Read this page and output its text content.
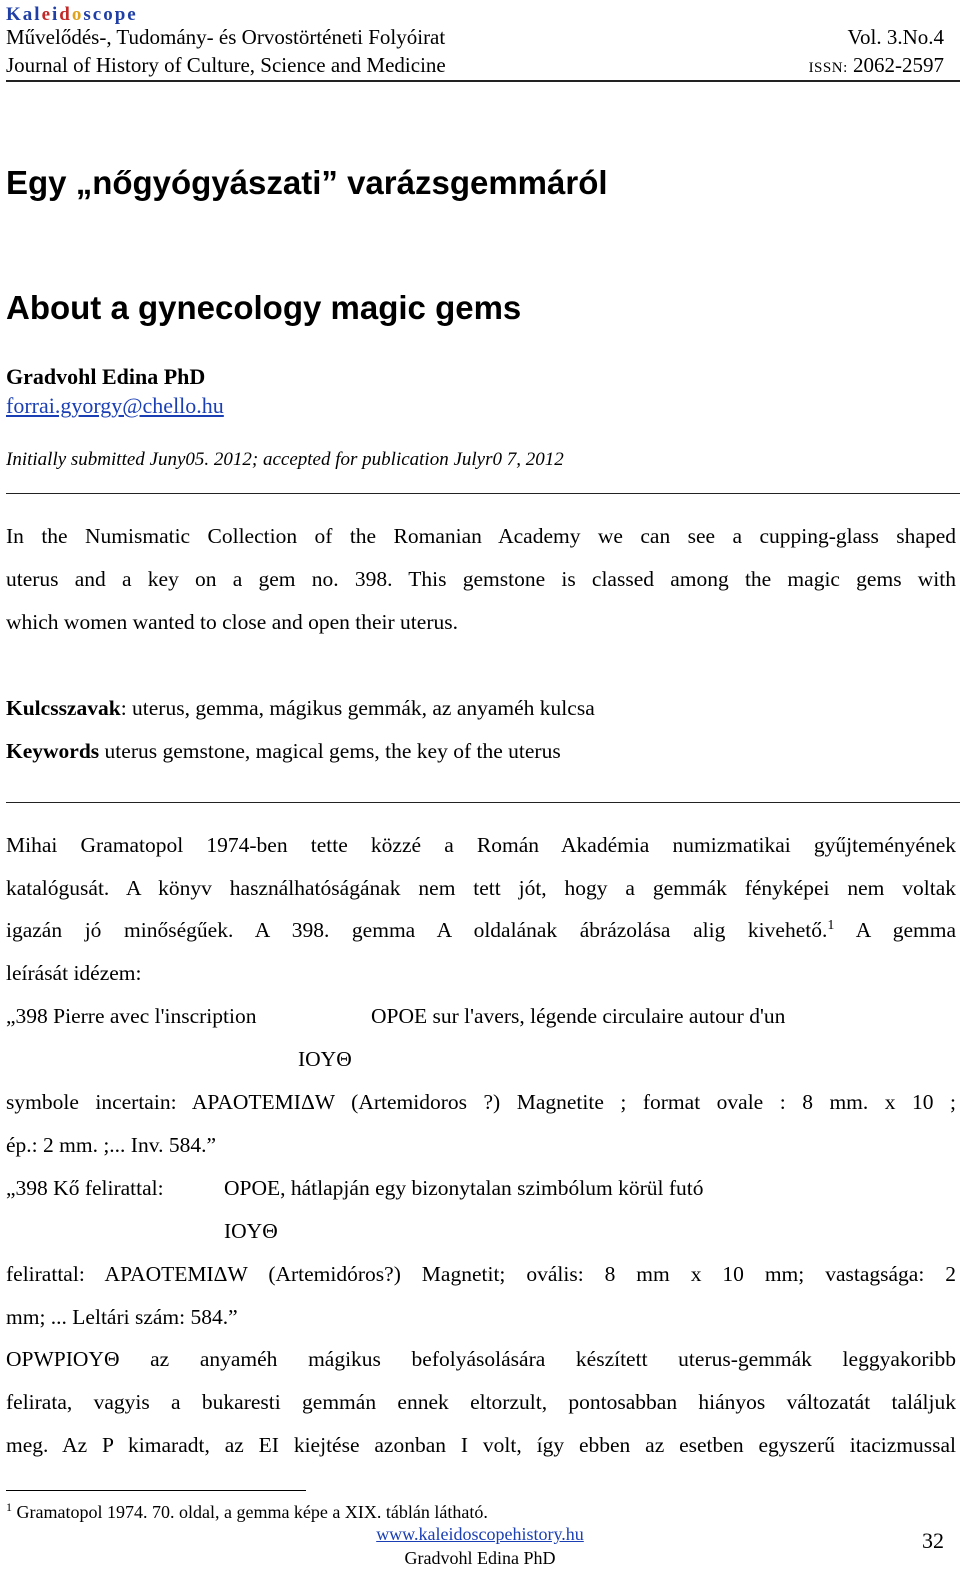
Kaleidoscope
Művelődés-, Tudomány- és Orvostörténeti Folyóirat
Journal of History of Culture, Science and Medicine
Vol. 3.No.4
ISSN: 2062-2597
Egy „nőgyógyászati” varázsgemmáról
About a gynecology magic gems
Gradvohl Edina PhD
forrai.gyorgy@chello.hu
Initially submitted Juny05. 2012; accepted for publication Julyr0 7, 2012
In the Numismatic Collection of the Romanian Academy we can see a cupping-glass shaped
uterus and a key on a gem no. 398. This gemstone is classed among the magic gems with
which women wanted to close and open their uterus.
Kulcsszavak: uterus, gemma, mágikus gemmák, az anyaméh kulcsa
Keywords uterus gemstone, magical gems, the key of the uterus
Mihai Gramatopol 1974-ben tette közzé a Román Akadémia numizmatikai gyűjteményének
katalógusát. A könyv használhatóságának nem tett jót, hogy a gemmák fényképei nem voltak
igazán jó minőségűek. A 398. gemma A oldalának ábrázolása alig kivehető.$^1$ A gemma
leírását idézem:
„398 Pierre avec l'inscription	OPOE sur l'avers, légende circulaire autour d'un
IOYΘ
symbole incertain: APAOTEMIΔW (Artemidoros ?) Magnetite ; format ovale : 8 mm. x 10 ;
ép.: 2 mm. ;... Inv. 584.”
„398 Kő felirattal:	OPOE, hátlapján egy bizonytalan szimbólum körül futó
IOYΘ
felirattal: APAOTEMIΔW (Artemidóros?) Magnetit; ovális: 8 mm x 10 mm; vastagsága: 2
mm; ... Leltári szám: 584.”
OPWPIOYΘ az anyaméh mágikus befolyásolására készített uterus-gemmák leggyakoribb
felirata, vagyis a bukaresti gemmán ennek eltorzult, pontosabban hiányos változatát találjuk
meg. Az P kimaradt, az EI kiejtése azonban I volt, így ebben az esetben egyszerű itacizmussal
$^1$ Gramatopol 1974. 70. oldal, a gemma képe a XIX. táblán látható.
www.kaleidoscopehistory.hu
Gradvohl Edina PhD
32
